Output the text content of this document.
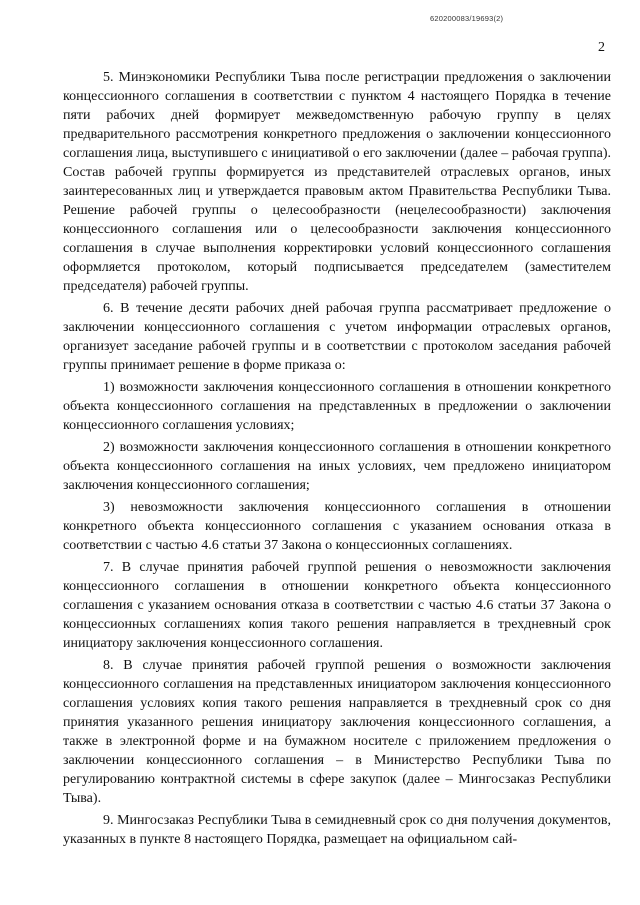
620200083/19693(2)
2

5. Минэкономики Республики Тыва после регистрации предложения о заключении концессионного соглашения в соответствии с пунктом 4 настоящего Порядка в течение пяти рабочих дней формирует межведомственную рабочую группу в целях предварительного рассмотрения конкретного предложения о заключении концессионного соглашения лица, выступившего с инициативой о его заключении (далее – рабочая группа). Состав рабочей группы формируется из представителей отраслевых органов, иных заинтересованных лиц и утверждается правовым актом Правительства Республики Тыва. Решение рабочей группы о целесообразности (нецелесообразности) заключения концессионного соглашения или о целесообразности заключения концессионного соглашения в случае выполнения корректировки условий концессионного соглашения оформляется протоколом, который подписывается председателем (заместителем председателя) рабочей группы.

6. В течение десяти рабочих дней рабочая группа рассматривает предложение о заключении концессионного соглашения с учетом информации отраслевых органов, организует заседание рабочей группы и в соответствии с протоколом заседания рабочей группы принимает решение в форме приказа о:

1) возможности заключения концессионного соглашения в отношении конкретного объекта концессионного соглашения на представленных в предложении о заключении концессионного соглашения условиях;

2) возможности заключения концессионного соглашения в отношении конкретного объекта концессионного соглашения на иных условиях, чем предложено инициатором заключения концессионного соглашения;

3) невозможности заключения концессионного соглашения в отношении конкретного объекта концессионного соглашения с указанием основания отказа в соответствии с частью 4.6 статьи 37 Закона о концессионных соглашениях.

7. В случае принятия рабочей группой решения о невозможности заключения концессионного соглашения в отношении конкретного объекта концессионного соглашения с указанием основания отказа в соответствии с частью 4.6 статьи 37 Закона о концессионных соглашениях копия такого решения направляется в трехдневный срок инициатору заключения концессионного соглашения.

8. В случае принятия рабочей группой решения о возможности заключения концессионного соглашения на представленных инициатором заключения концессионного соглашения условиях копия такого решения направляется в трехдневный срок со дня принятия указанного решения инициатору заключения концессионного соглашения, а также в электронной форме и на бумажном носителе с приложением предложения о заключении концессионного соглашения – в Министерство Республики Тыва по регулированию контрактной системы в сфере закупок (далее – Мингосзаказ Республики Тыва).

9. Мингосзаказ Республики Тыва в семидневный срок со дня получения документов, указанных в пункте 8 настоящего Порядка, размещает на официальном сай-
